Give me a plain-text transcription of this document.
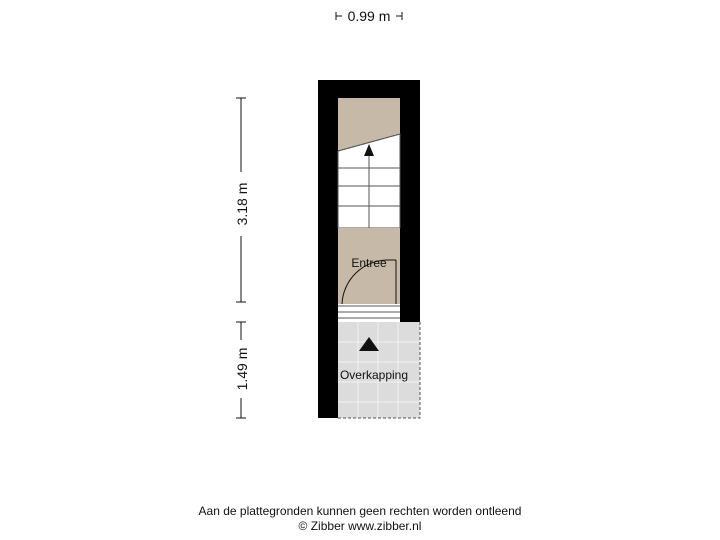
0.99 m
3.18 m
1.49 m
Entree
Overkapping
Aan de plattegronden kunnen geen rechten worden ontleend
© Zibber www.zibber.nl
